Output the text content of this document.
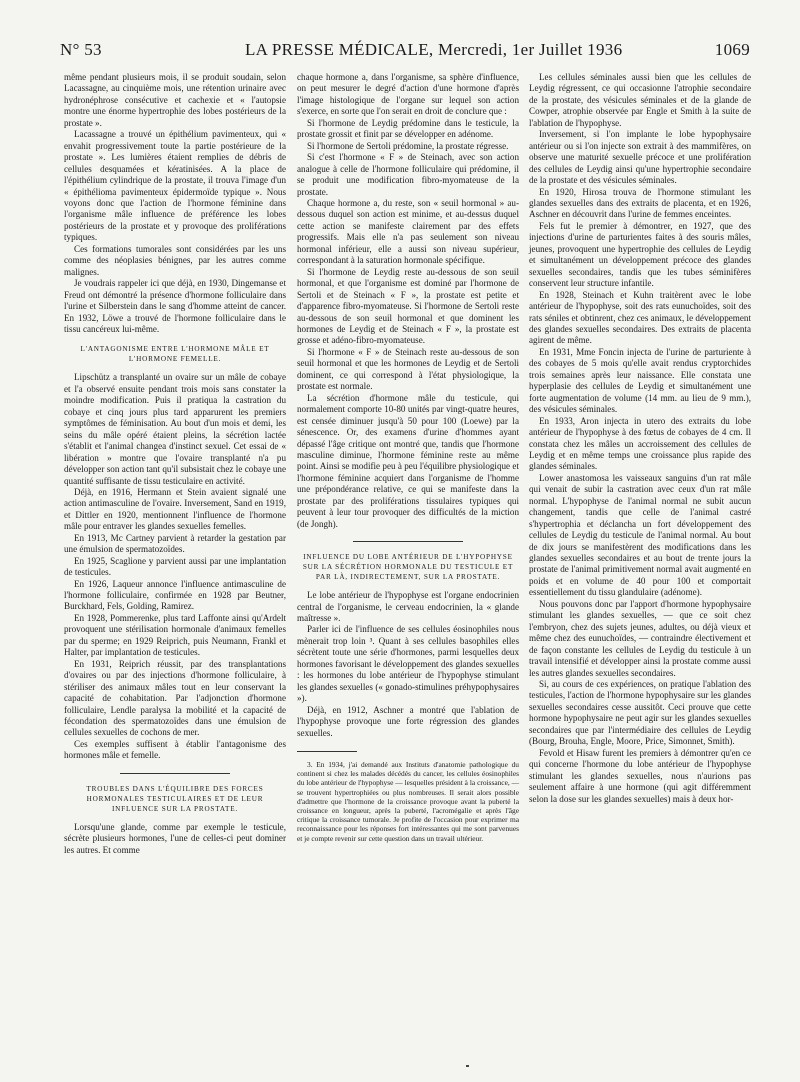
N° 53	LA PRESSE MÉDICALE, Mercredi, 1er Juillet 1936	1069

même pendant plusieurs mois, il se produit soudain, selon Lacassagne, au cinquième mois, une rétention urinaire avec hydronéphrose consécutive et cachexie et « l'autopsie montre une énorme hypertrophie des lobes postérieurs de la prostate ».

Lacassagne a trouvé un épithélium pavimenteux, qui « envahit progressivement toute la partie postérieure de la prostate ». Les lumières étaient remplies de débris de cellules desquamées et kératinisées. A la place de l'épithélium cylindrique de la prostate, il trouva l'image d'un « épithélioma pavimenteux épidermoïde typique ». Nous voyons donc que l'action de l'hormone féminine dans l'organisme mâle influence de préférence les lobes postérieurs de la prostate et y provoque des proliférations typiques.

Ces formations tumorales sont considérées par les uns comme des néoplasies bénignes, par les autres comme malignes.

Je voudrais rappeler ici que déjà, en 1930, Dingemanse et Freud ont démontré la présence d'hormone folliculaire dans l'urine et Silberstein dans le sang d'homme atteint de cancer. En 1932, Löwe a trouvé de l'hormone folliculaire dans le tissu cancéreux lui-même.

L'ANTAGONISME ENTRE L'HORMONE MÂLE ET L'HORMONE FEMELLE.

Lipschütz a transplanté un ovaire sur un mâle de cobaye et l'a observé ensuite pendant trois mois sans constater la moindre modification. Puis il pratiqua la castration du cobaye et cinq jours plus tard apparurent les premiers symptômes de féminisation. Au bout d'un mois et demi, les seins du mâle opéré étaient pleins, la sécrétion lactée s'établit et l'animal changea d'instinct sexuel. Cet essai de « libération » montre que l'ovaire transplanté n'a pu développer son action tant qu'il subsistait chez le cobaye une quantité suffisante de tissu testiculaire en activité.

Déjà, en 1916, Hermann et Stein avaient signalé une action antimasculine de l'ovaire. Inversement, Sand en 1919, et Dittler en 1920, mentionnent l'influence de l'hormone mâle pour entraver les glandes sexuelles femelles.

En 1913, Mc Cartney parvient à retarder la gestation par une émulsion de spermatozoïdes.

En 1925, Scaglione y parvient aussi par une implantation de testicules.

En 1926, Laqueur annonce l'influence antimasculine de l'hormone folliculaire, confirmée en 1928 par Beutner, Burckhard, Fels, Golding, Ramirez.

En 1928, Pommerenke, plus tard Laffonte ainsi qu'Ardelt provoquent une stérilisation hormonale d'animaux femelles par du sperme; en 1929 Reiprich, puis Neumann, Frankl et Halter, par implantation de testicules.

En 1931, Reiprich réussit, par des transplantations d'ovaires ou par des injections d'hormone folliculaire, à stériliser des animaux mâles tout en leur conservant la capacité de cohabitation. Par l'adjonction d'hormone folliculaire, Lendle paralysa la mobilité et la capacité de fécondation des spermatozoïdes dans une émulsion de cellules sexuelles de cochons de mer.

Ces exemples suffisent à établir l'antagonisme des hormones mâle et femelle.

TROUBLES DANS L'ÉQUILIBRE DES FORCES HORMONALES TESTICULAIRES ET DE LEUR INFLUENCE SUR LA PROSTATE.

Lorsqu'une glande, comme par exemple le testicule, sécrète plusieurs hormones, l'une de celles-ci peut dominer les autres. Et comme

chaque hormone a, dans l'organisme, sa sphère d'influence, on peut mesurer le degré d'action d'une hormone d'après l'image histologique de l'organe sur lequel son action s'exerce, en sorte que l'on serait en droit de conclure que :

Si l'hormone de Leydig prédomine dans le testicule, la prostate grossit et finit par se développer en adénome.

Si l'hormone de Sertoli prédomine, la prostate régresse.

Si c'est l'hormone « F » de Steinach, avec son action analogue à celle de l'hormone folliculaire qui prédomine, il se produit une modification fibro-myomateuse de la prostate.

Chaque hormone a, du reste, son « seuil hormonal » au-dessous duquel son action est minime, et au-dessus duquel cette action se manifeste clairement par des effets progressifs. Mais elle n'a pas seulement son niveau hormonal inférieur, elle a aussi son niveau supérieur, correspondant à la saturation hormonale spécifique.

Si l'hormone de Leydig reste au-dessous de son seuil hormonal, et que l'organisme est dominé par l'hormone de Sertoli et de Steinach « F », la prostate est petite et d'apparence fibro-myomateuse. Si l'hormone de Sertoli reste au-dessous de son seuil hormonal et que dominent les hormones de Leydig et de Steinach « F », la prostate est grosse et adéno-fibro-myomateuse.

Si l'hormone « F » de Steinach reste au-dessous de son seuil hormonal et que les hormones de Leydig et de Sertoli dominent, ce qui correspond à l'état physiologique, la prostate est normale.

La sécrétion d'hormone mâle du testicule, qui normalement comporte 10-80 unités par vingt-quatre heures, est censée diminuer jusqu'à 50 pour 100 (Loewe) par la sénescence. Or, des examens d'urine d'hommes ayant dépassé l'âge critique ont montré que, tandis que l'hormone masculine diminue, l'hormone féminine reste au même point. Ainsi se modifie peu à peu l'équilibre physiologique et l'hormone féminine acquiert dans l'organisme de l'homme une prépondérance relative, ce qui se manifeste dans la prostate par des proliférations tissulaires typiques qui peuvent à leur tour provoquer des difficultés de la miction (de Jongh).

INFLUENCE DU LOBE ANTÉRIEUR DE L'HYPOPHYSE SUR LA SÉCRÉTION HORMONALE DU TESTICULE ET PAR LÀ, INDIRECTEMENT, SUR LA PROSTATE.

Le lobe antérieur de l'hypophyse est l'organe endocrinien central de l'organisme, le cerveau endocrinien, la « glande maîtresse ».

Parler ici de l'influence de ses cellules éosinophiles nous mènerait trop loin ³. Quant à ses cellules basophiles elles sécrètent toute une série d'hormones, parmi lesquelles deux hormones favorisant le développement des glandes sexuelles : les hormones du lobe antérieur de l'hypophyse stimulant les glandes sexuelles (« gonado-stimulines préhypophysaires »).

Déjà, en 1912, Aschner a montré que l'ablation de l'hypophyse provoque une forte régression des glandes sexuelles.

3. En 1934, j'ai demandé aux Instituts d'anatomie pathologique du continent si chez les malades décédés du cancer, les cellules éosinophiles du lobe antérieur de l'hypophyse — lesquelles président à la croissance, — se trouvent hypertrophiées ou plus nombreuses. Il serait alors possible d'admettre que l'hormone de la croissance provoque avant la puberté la croissance en longueur, après la puberté, l'acromégalie et après l'âge critique la croissance tumorale. Je profite de l'occasion pour exprimer ma reconnaissance pour les réponses fort intéressantes qui me sont parvenues et je compte revenir sur cette question dans un travail ultérieur.

Les cellules séminales aussi bien que les cellules de Leydig régressent, ce qui occasionne l'atrophie secondaire de la prostate, des vésicules séminales et de la glande de Cowper, atrophie observée par Engle et Smith à la suite de l'ablation de l'hypophyse.

Inversement, si l'on implante le lobe hypophysaire antérieur ou si l'on injecte son extrait à des mammifères, on observe une maturité sexuelle précoce et une prolifération des cellules de Leydig ainsi qu'une hypertrophie secondaire de la prostate et des vésicules séminales.

En 1920, Hirosa trouva de l'hormone stimulant les glandes sexuelles dans des extraits de placenta, et en 1926, Aschner en découvrit dans l'urine de femmes enceintes.

Fels fut le premier à démontrer, en 1927, que des injections d'urine de parturientes faites à des souris mâles, jeunes, provoquent une hypertrophie des cellules de Leydig et simultanément un développement précoce des glandes sexuelles secondaires, tandis que les tubes séminifères conservent leur structure infantile.

En 1928, Steinach et Kuhn traitèrent avec le lobe antérieur de l'hypophyse, soit des rats eunuchoïdes, soit des rats séniles et obtinrent, chez ces animaux, le développement des glandes sexuelles secondaires. Des extraits de placenta agirent de même.

En 1931, Mme Foncin injecta de l'urine de parturiente à des cobayes de 5 mois qu'elle avait rendus cryptorchides trois semaines après leur naissance. Elle constata une hyperplasie des cellules de Leydig et simultanément une forte augmentation de volume (14 mm. au lieu de 9 mm.), des vésicules séminales.

En 1933, Aron injecta in utero des extraits du lobe antérieur de l'hypophyse à des fœtus de cobayes de 4 cm. Il constata chez les mâles un accroissement des cellules de Leydig et en même temps une croissance plus rapide des glandes séminales.

Lower anastomosa les vaisseaux sanguins d'un rat mâle qui venait de subir la castration avec ceux d'un rat mâle normal. L'hypophyse de l'animal normal ne subit aucun changement, tandis que celle de l'animal castré s'hypertrophia et déclancha un fort développement des cellules de Leydig du testicule de l'animal normal. Au bout de dix jours se manifestèrent des modifications dans les glandes sexuelles secondaires et au bout de trente jours la prostate de l'animal primitivement normal avait augmenté en poids et en volume de 40 pour 100 et comportait essentiellement du tissu glandulaire (adénome).

Nous pouvons donc par l'apport d'hormone hypophysaire stimulant les glandes sexuelles, — que ce soit chez l'embryon, chez des sujets jeunes, adultes, ou déjà vieux et même chez des eunuchoïdes, — contraindre électivement et de façon constante les cellules de Leydig du testicule à un travail intensifié et développer ainsi la prostate comme aussi les autres glandes sexuelles secondaires.

Si, au cours de ces expériences, on pratique l'ablation des testicules, l'action de l'hormone hypophysaire sur les glandes sexuelles secondaires cesse aussitôt. Ceci prouve que cette hormone hypophysaire ne peut agir sur les glandes sexuelles secondaires que par l'intermédiaire des cellules de Leydig (Bourg, Brouha, Engle, Moore, Price, Simonnet, Smith).

Fevold et Hisaw furent les premiers à démontrer qu'en ce qui concerne l'hormone du lobe antérieur de l'hypophyse stimulant les glandes sexuelles, nous n'aurions pas seulement affaire à une hormone (qui agit différemment selon la dose sur les glandes sexuelles) mais à deux hor-
